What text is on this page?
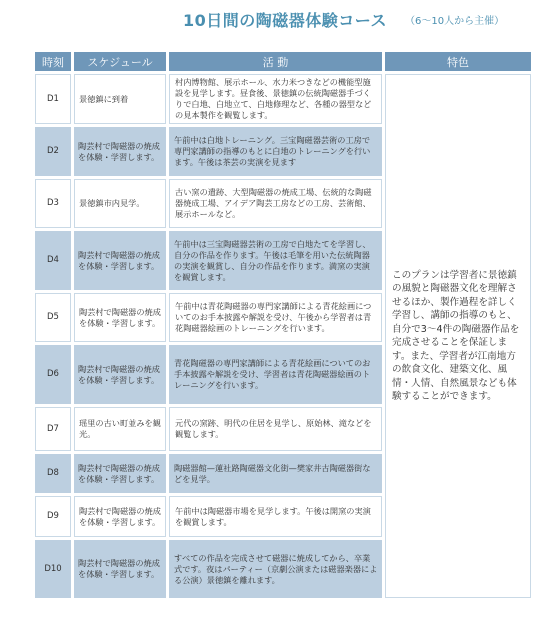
10日間の陶磁器体験コース （6～10人から主催）
時刻	スケジュール	活 動	特色
D1	景徳鎮に到着	村内博物館、展示ホール、水力米つきなどの機能型施設を見学します。昼食後、景徳鎮の伝統陶磁器手づくりで白地、白地立て、白地修理など、各種の器型などの見本製作を観覧します。	このプランは学習者に景徳鎮の風貌と陶磁器文化を理解させるほか、製作過程を詳しく学習し、講師の指導のもと、自分で3～4件の陶磁器作品を完成させることを保証します。また、学習者が江南地方の飲食文化、建築文化、風情・人情、自然風景なども体験することができます。
D2	陶芸村で陶磁器の焼成を体験・学習します。	午前中は白地トレーニング。三宝陶磁器芸術の工房で専門家講師の指導のもとに白地のトレーニングを行います。午後は茶芸の実演を見ます	
D3	景徳鎮市内見学。	古い窯の遺跡、大型陶磁器の焼成工場、伝統的な陶磁器焼成工場、アイデア陶芸工房などの工房、芸術館、展示ホールなど。	
D4	陶芸村で陶磁器の焼成を体験・学習します。	午前中は三宝陶磁器芸術の工房で白地たてを学習し、自分の作品を作ります。午後は毛筆を用いた伝統陶器の実演を観賞し、自分の作品を作ります。満窯の実演を観賞します。	
D5	陶芸村で陶磁器の焼成を体験・学習します。	午前中は青花陶磁器の専門家講師による青花絵画についてのお手本披露や解説を受け、午後から学習者は青花陶磁器絵画のトレーニングを行います。	
D6	陶芸村で陶磁器の焼成を体験・学習します。	青花陶磁器の専門家講師による青花絵画についてのお手本披露や解説を受け、学習者は青花陶磁器絵画のトレーニングを行います。	
D7	瑶里の古い町並みを観光。	元代の窯跡、明代の住居を見学し、原始林、滝などを観覧します。	
D8	陶芸村で陶磁器の焼成を体験・学習します。	陶磁器館—蓮社路陶磁器文化街—樊家井古陶磁器街などを見学。	
D9	陶芸村で陶磁器の焼成を体験・学習します。	午前中は陶磁器市場を見学します。午後は開窯の実演を観賞します。	
D10	陶芸村で陶磁器の焼成を体験・学習します。	すべての作品を完成させて磁器に焼成してから、卒業式です。夜はパーティー（京劇公演または磁器楽器による公演）景徳鎮を離れます。	
